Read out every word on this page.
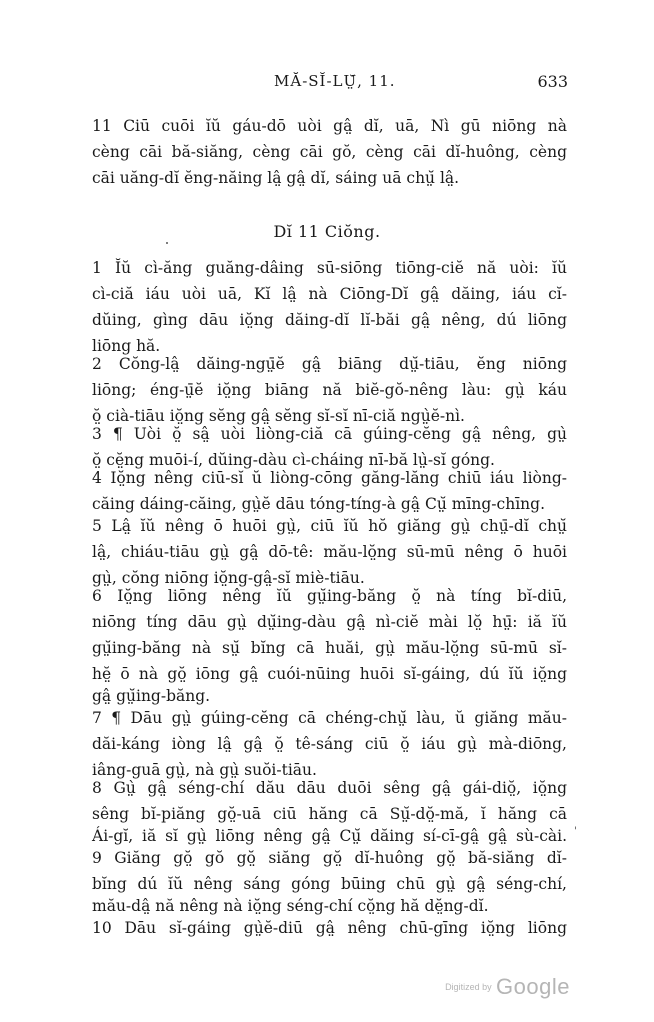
MĂ-SĬ-LṲ̆, 11.	633
11 Ciū cuōi ĭŭ gáu-dō uòi gâ̤ dĭ, uā, Nì gū niōng nà
cèng cāi bă-siăng, cèng cāi gŏ, cèng cāi dĭ-huông, cèng
cāi uăng-dĭ ĕng-năing lâ̤ gâ̤ dĭ, sáing uā chṳ̆ lâ̤.
Dĭ 11 Ciŏng.
1 Ĭŭ cì-ăng guăng-dâing sū-siōng tiōng-ciĕ nă uòi: ĭŭ
cì-ciă iáu uòi uā, Kĭ lâ̤ nà Ciōng-Dĭ gâ̤ dăing, iáu cĭ-
dŭing, gìng dāu iŏ̤ng dăing-dĭ lĭ-băi gâ̤ nêng, dú liōng
liōng hă.
2 Cŏng-lâ̤ dăing-ngṳ̄ĕ gâ̤ biāng dṳ̆-tiāu, ĕng niōng
liōng; éng-ṳ̄ĕ iŏ̤ng biāng nă biĕ-gŏ-nêng làu: gṳ̀ káu
ŏ̤ cià-tiāu iŏ̤ng sĕng gâ̤ sĕng sĭ-sĭ nī-ciă ngṳ̀ĕ-nì.
3 ¶ Uòi ŏ̤ sâ̤ uòi liòng-ciă cā gúing-cĕng gâ̤ nêng, gṳ̀
ŏ̤ cĕ̤ng muōi-í, dŭing-dàu cì-cháing nī-bă lṳ̀-sĭ góng.
4 Iŏ̤ng nêng ciū-sĭ ŭ liòng-cōng găng-lăng chiū iáu liòng-
căing dáing-căing, gṳ̀ĕ dāu tóng-tíng-à gâ̤ Cṳ̆ mīng-chīng.
5 Lâ̤ ĭŭ nêng ō huōi gṳ̀, ciū ĭŭ hŏ giăng gṳ̀ chṳ̄-dĭ chṳ̆
lâ̤, chiáu-tiāu gṳ̀ gâ̤ dō-tê: mău-lŏ̤ng sū-mū nêng ō huōi
gṳ̀, cŏng niōng iŏ̤ng-gâ̤-sĭ miè-tiāu.
6 Iŏ̤ng liōng nêng ĭŭ gṳ̆ing-băng ŏ̤ nà tíng bĭ-diū,
niōng tíng dāu gṳ̀ dṳ̆ing-dàu gâ̤ nì-ciĕ mài lŏ̤ hṳ̄: iă ĭŭ
gṳ̆ing-băng nà sṳ̆ bĭng cā huăi, gṳ̀ mău-lŏ̤ng sū-mū sĭ-
hĕ̤ ō nà gŏ̤ iōng gâ̤ cuói-nūing huōi sĭ-gáing, dú ĭŭ iŏ̤ng
gâ̤ gṳ̆ing-băng.
7 ¶ Dāu gṳ̀ gúing-cĕng cā chéng-chṳ̆ làu, ŭ giăng mău-
dăi-káng iòng lâ̤ gâ̤ ŏ̤ tê-sáng ciū ŏ̤ iáu gṳ̀ mà-diōng,
iâng-guā gṳ̀, nà gṳ̀ suŏi-tiāu.
8 Gṳ̀ gâ̤ séng-chí dău dāu duōi sêng gâ̤ gái-diŏ̤, iŏ̤ng
sêng bĭ-piăng gŏ̤-uā ciū hăng cā Sṳ̆-dŏ̤-mă, ĭ hăng cā
Ái-gĭ, iă sĭ gṳ̀ liōng nêng gâ̤ Cṳ̆ dăing sí-cī-gâ̤ gâ̤ sù-cài.
9 Giăng gŏ̤ gŏ gŏ̤ siăng gŏ̤ dĭ-huông gŏ̤ bă-siăng dĭ-
bĭng dú ĭŭ nêng sáng góng būing chū gṳ̀ gâ̤ séng-chí,
mău-dâ̤ nă nêng nà iŏ̤ng séng-chí cŏ̤ng hă dĕ̤ng-dĭ.
10 Dāu sĭ-gáing gṳ̀ĕ-diū gâ̤ nêng chū-gīng iŏ̤ng liōng
'
Digitized by Google
